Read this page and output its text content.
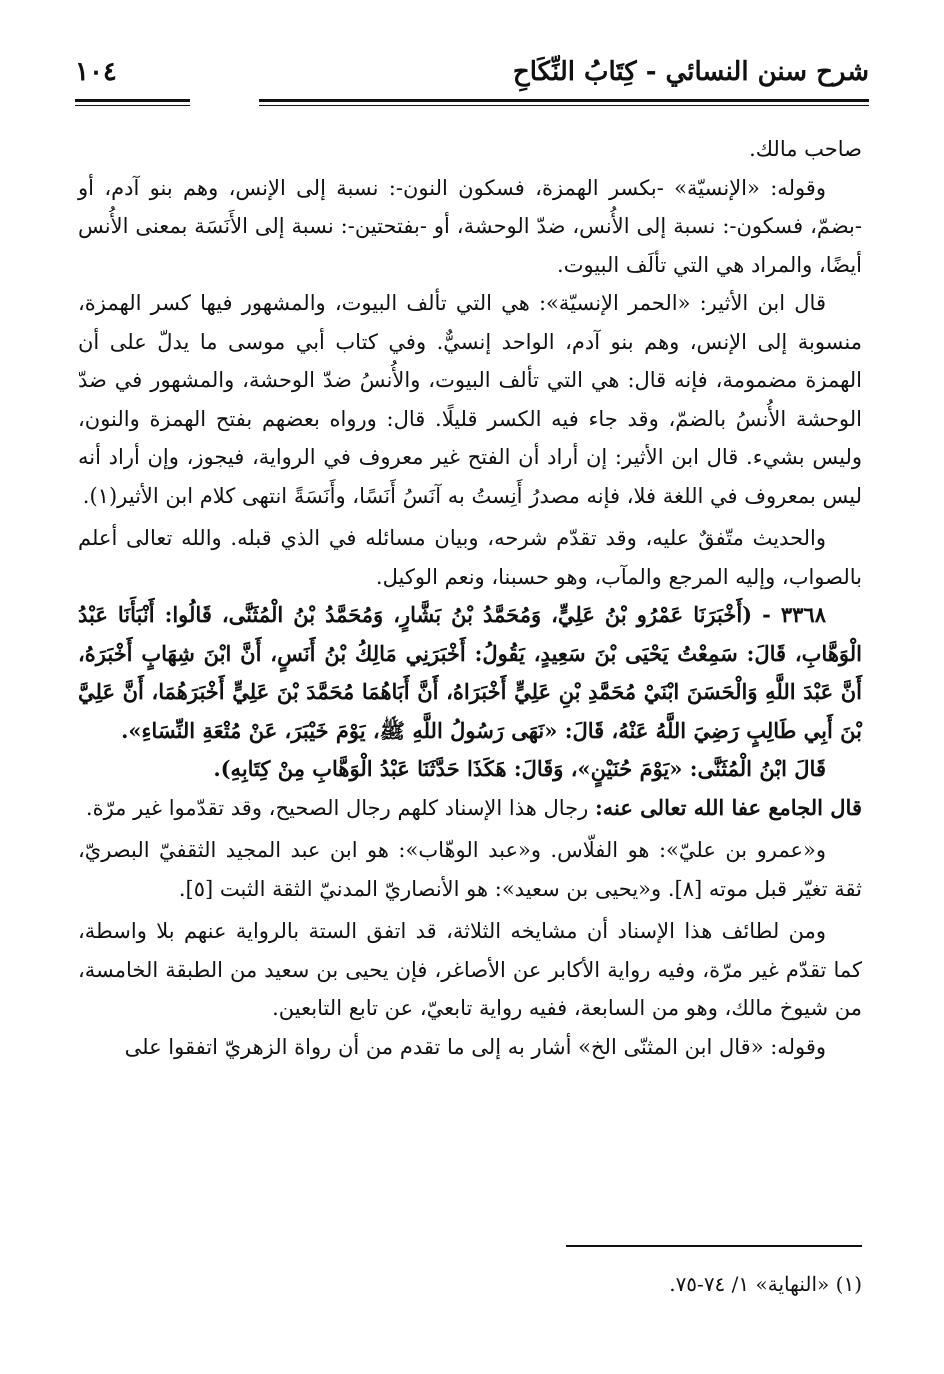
شرح سنن النسائي - كِتَابُ النِّكَاحِ
١٠٤

صاحب مالك.

وقوله: «الإنسيّة» -بكسر الهمزة، فسكون النون-: نسبة إلى الإنس، وهم بنو آدم، أو -بضمّ، فسكون-: نسبة إلى الأُنس، ضدّ الوحشة، أو -بفتحتين-: نسبة إلى الأَنَسَة بمعنى الأُنس أيضًا، والمراد هي التي تألَف البيوت.

قال ابن الأثير: «الحمر الإنسيّة»: هي التي تألف البيوت، والمشهور فيها كسر الهمزة، منسوبة إلى الإنس، وهم بنو آدم، الواحد إنسيٌّ. وفي كتاب أبي موسى ما يدلّ على أن الهمزة مضمومة، فإنه قال: هي التي تألف البيوت، والأُنسُ ضدّ الوحشة، والمشهور في ضدّ الوحشة الأُنسُ بالضمّ، وقد جاء فيه الكسر قليلًا. قال: ورواه بعضهم بفتح الهمزة والنون، وليس بشيء. قال ابن الأثير: إن أراد أن الفتح غير معروف في الرواية، فيجوز، وإن أراد أنه ليس بمعروف في اللغة فلا، فإنه مصدرُ أَنِستُ به آنَسُ أَنَسًا، وأَنَسَةً انتهى كلام ابن الأثير(١).

والحديث متّفقٌ عليه، وقد تقدّم شرحه، وبيان مسائله في الذي قبله. والله تعالى أعلم بالصواب، وإليه المرجع والمآب، وهو حسبنا، ونعم الوكيل.

٣٣٦٨ - (أَخْبَرَنَا عَمْرُو بْنُ عَلِيٍّ، وَمُحَمَّدُ بْنُ بَشَّارٍ، وَمُحَمَّدُ بْنُ الْمُثَنَّى، قَالُوا: أَنْبَأَنَا عَبْدُ الْوَهَّابِ، قَالَ: سَمِعْتُ يَحْيَى بْنَ سَعِيدٍ، يَقُولُ: أَخْبَرَنِي مَالِكُ بْنُ أَنَسٍ، أَنَّ ابْنَ شِهَابٍ أَخْبَرَهُ، أَنَّ عَبْدَ اللَّهِ وَالْحَسَنَ ابْنَيْ مُحَمَّدِ بْنِ عَلِيٍّ أَخْبَرَاهُ، أَنَّ أَبَاهُمَا مُحَمَّدَ بْنَ عَلِيٍّ أَخْبَرَهُمَا، أَنَّ عَلِيَّ بْنَ أَبِي طَالِبٍ رَضِيَ اللَّهُ عَنْهُ، قَالَ: «نَهَى رَسُولُ اللَّهِ ﷺ، يَوْمَ خَيْبَرَ، عَنْ مُتْعَةِ النِّسَاءِ».

قَالَ ابْنُ الْمُثَنَّى: «يَوْمَ حُنَيْنٍ»، وَقَالَ: هَكَذَا حَدَّثَنَا عَبْدُ الْوَهَّابِ مِنْ كِتَابِهِ).

قال الجامع عفا الله تعالى عنه: رجال هذا الإسناد كلهم رجال الصحيح، وقد تقدّموا غير مرّة.

و«عمرو بن عليّ»: هو الفلّاس. و«عبد الوهّاب»: هو ابن عبد المجيد الثقفيّ البصريّ، ثقة تغيّر قبل موته [٨]. و«يحيى بن سعيد»: هو الأنصاريّ المدنيّ الثقة الثبت [٥].

ومن لطائف هذا الإسناد أن مشايخه الثلاثة، قد اتفق الستة بالرواية عنهم بلا واسطة، كما تقدّم غير مرّة، وفيه رواية الأكابر عن الأصاغر، فإن يحيى بن سعيد من الطبقة الخامسة، من شيوخ مالك، وهو من السابعة، ففيه رواية تابعيّ، عن تابع التابعين.

وقوله: «قال ابن المثنّى الخ» أشار به إلى ما تقدم من أن رواة الزهريّ اتفقوا على

(١) «النهاية» ١/ ٧٤-٧٥.
